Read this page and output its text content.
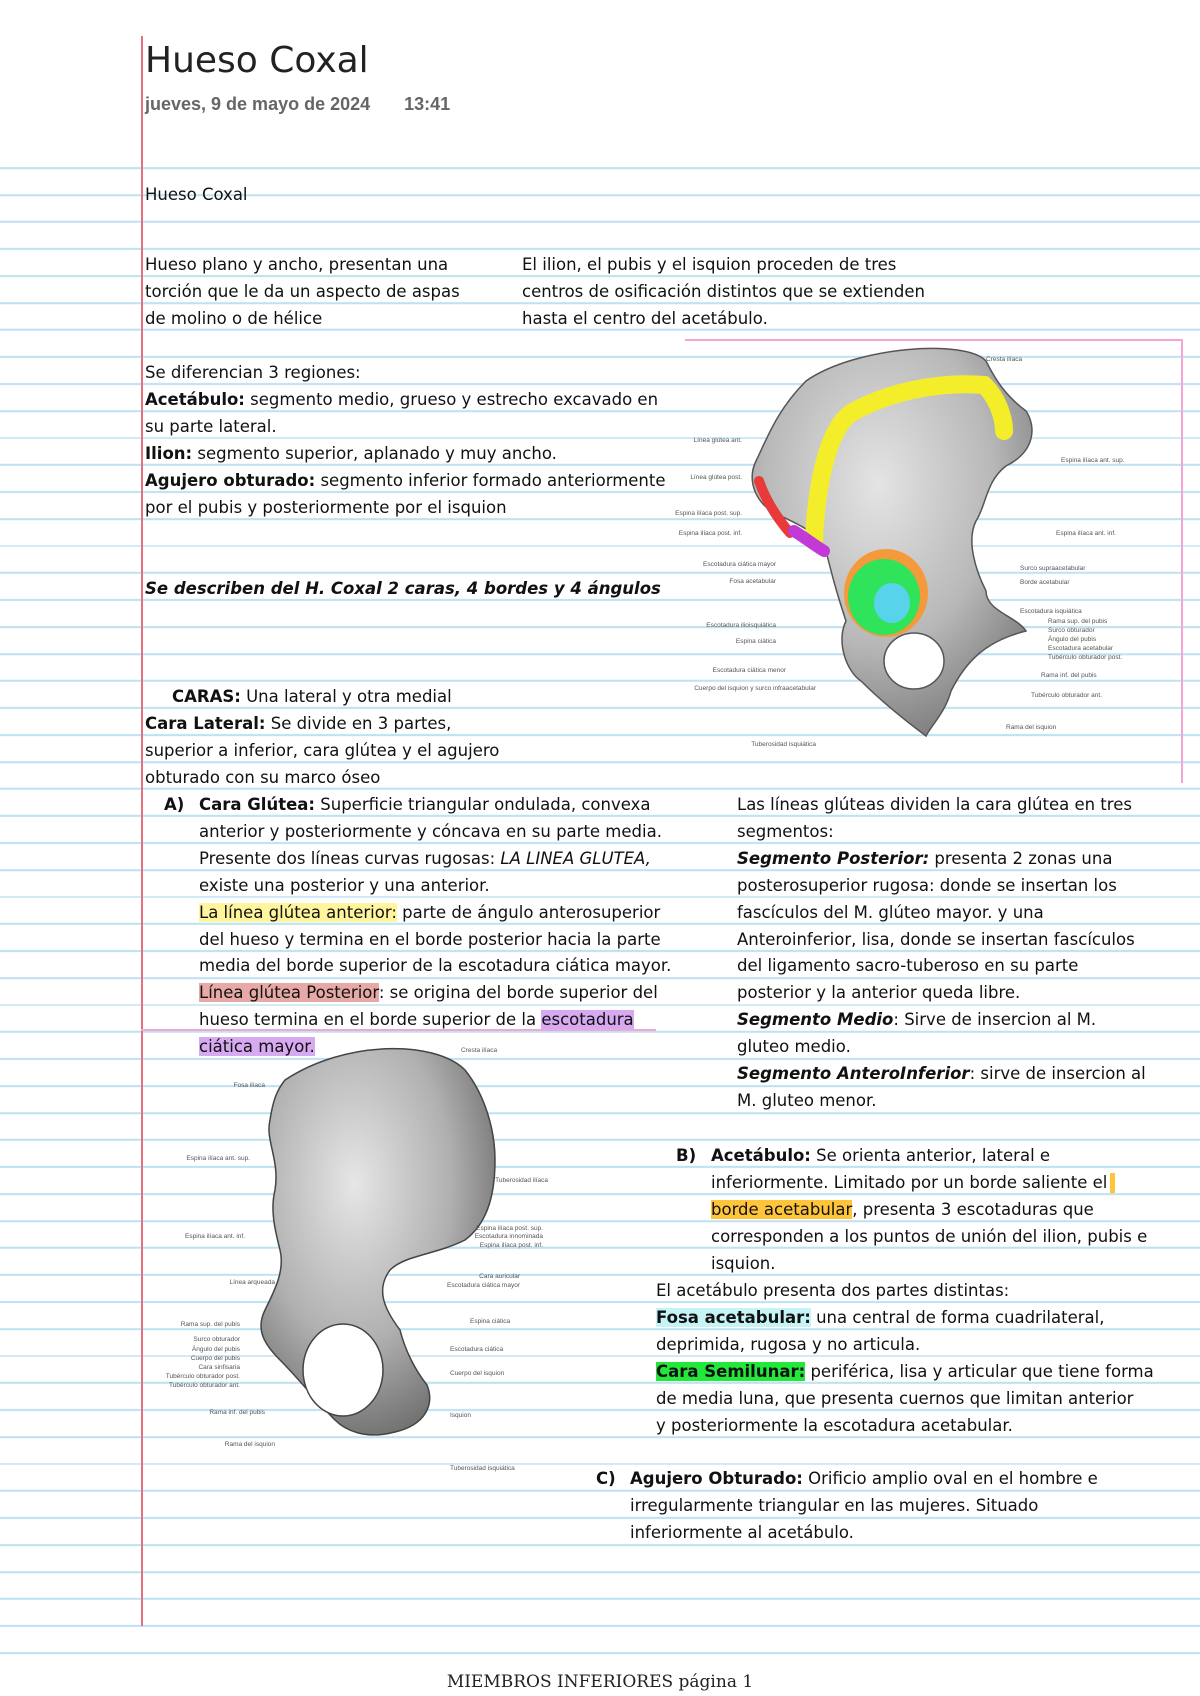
Hueso Coxal
jueves, 9 de mayo de 2024 13:41
Hueso Coxal
Hueso plano y ancho, presentan una
torción que le da un aspecto de aspas
de molino o de hélice
El ilion, el pubis y el isquion proceden de tres
centros de osificación distintos que se extienden
hasta el centro del acetábulo.
Se diferencian 3 regiones:
Acetábulo: segmento medio, grueso y estrecho excavado en
su parte lateral.
Ilion: segmento superior, aplanado y muy ancho.
Agujero obturado: segmento inferior formado anteriormente
por el pubis y posteriormente por el isquion
Se describen del H. Coxal 2 caras, 4 bordes y 4 ángulos
CARAS: Una lateral y otra medial
Cara Lateral: Se divide en 3 partes,
superior a inferior, cara glútea y el agujero
obturado con su marco óseo
A) Cara Glútea: Superficie triangular ondulada, convexa
anterior y posteriormente y cóncava en su parte media.
Presente dos líneas curvas rugosas: LA LINEA GLUTEA,
existe una posterior y una anterior.
La línea glútea anterior: parte de ángulo anterosuperior
del hueso y termina en el borde posterior hacia la parte
media del borde superior de la escotadura ciática mayor.
Línea glútea Posterior: se origina del borde superior del
hueso termina en el borde superior de la escotadura
ciática mayor.
Las líneas glúteas dividen la cara glútea en tres
segmentos:
Segmento Posterior: presenta 2 zonas una
posterosuperior rugosa: donde se insertan los
fascículos del M. glúteo mayor. y una
Anteroinferior, lisa, donde se insertan fascículos
del ligamento sacro-tuberoso en su parte
posterior y la anterior queda libre.
Segmento Medio: Sirve de insercion al M.
gluteo medio.
Segmento AnteroInferior: sirve de insercion al
M. gluteo menor.
B) Acetábulo: Se orienta anterior, lateral e
inferiormente. Limitado por un borde saliente el
borde acetabular, presenta 3 escotaduras que
corresponden a los puntos de unión del ilion, pubis e
isquion.
El acetábulo presenta dos partes distintas:
Fosa acetabular: una central de forma cuadrilateral,
deprimida, rugosa y no articula.
Cara Semilunar: periférica, lisa y articular que tiene forma
de media luna, que presenta cuernos que limitan anterior
y posteriormente la escotadura acetabular.
C) Agujero Obturado: Orificio amplio oval en el hombre e
irregularmente triangular en las mujeres. Situado
inferiormente al acetábulo.
Línea glútea ant.
Línea glútea post.
Espina ilíaca post. sup.
Espina ilíaca post. inf.
Escotadura ciática mayor
Fosa acetabular
Escotadura ilioisquiática
Espina ciática
Escotadura ciática menor
Cuerpo del isquion y surco infraacetabular
Tuberosidad isquiática
Cresta ilíaca
Espina ilíaca ant. sup.
Espina ilíaca ant. inf.
Surco supraacetabular
Borde acetabular
Escotadura isquiática
Rama sup. del pubis
Surco obturador
Ángulo del pubis
Escotadura acetabular
Tubérculo obturador post.
Rama inf. del pubis
Tubérculo obturador ant.
Rama del isquion
Fosa ilíaca
Espina ilíaca ant. sup.
Espina ilíaca ant. inf.
Línea arqueada
Rama sup. del pubis
Surco obturador
Ángulo del pubis
Cuerpo del pubis
Cara sinfisaria
Tubérculo obturador post.
Tubérculo obturador ant.
Rama inf. del pubis
Rama del isquion
Cresta ilíaca
Tuberosidad ilíaca
Espina ilíaca post. sup.
Escotadura innominada
Espina ilíaca post. inf.
Cara auricular
Escotadura ciática mayor
Espina ciática
Escotadura ciática
Cuerpo del isquion
Isquion
Tuberosidad isquiática
MIEMBROS INFERIORES página 1
